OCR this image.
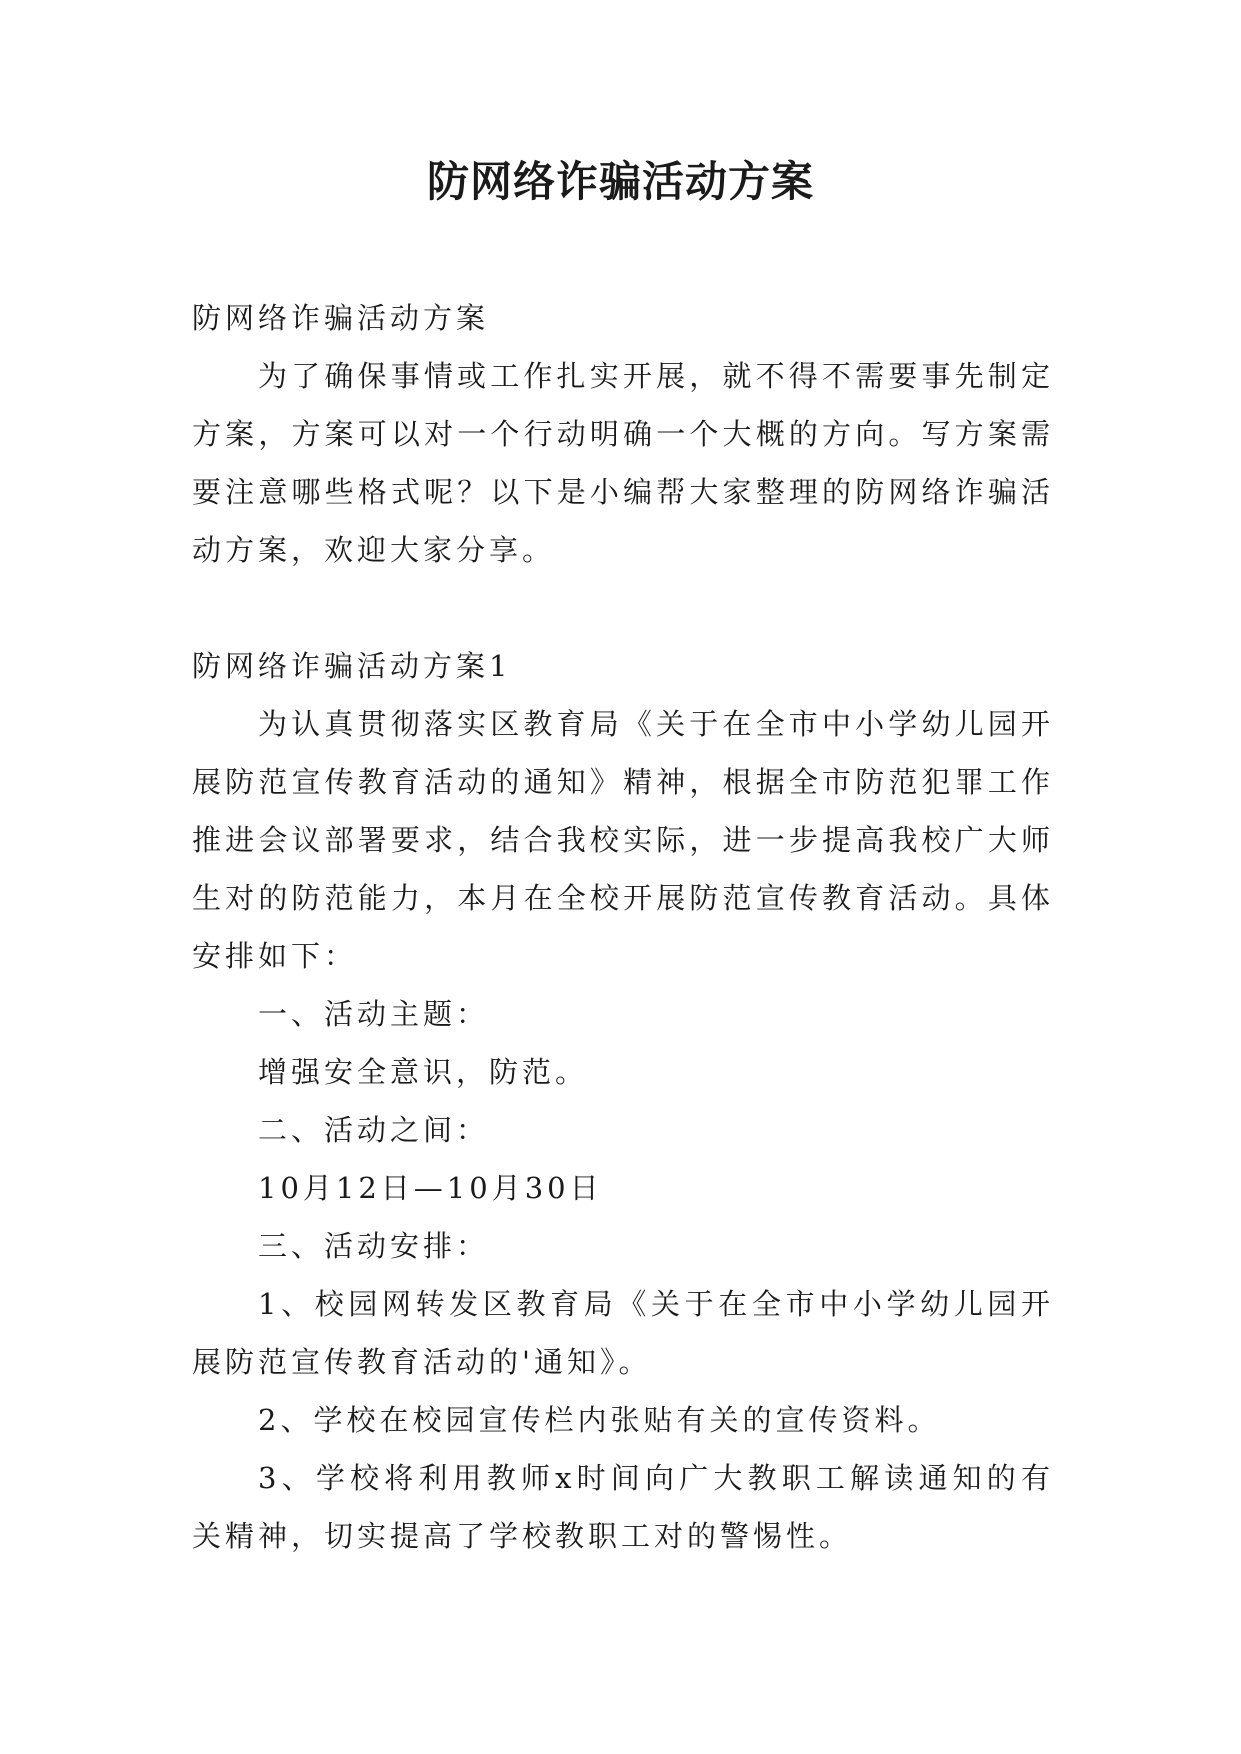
防网络诈骗活动方案

防网络诈骗活动方案

为了确保事情或工作扎实开展，就不得不需要事先制定方案，方案可以对一个行动明确一个大概的方向。写方案需要注意哪些格式呢？以下是小编帮大家整理的防网络诈骗活动方案，欢迎大家分享。

防网络诈骗活动方案1

为认真贯彻落实区教育局《关于在全市中小学幼儿园开展防范宣传教育活动的通知》精神，根据全市防范犯罪工作推进会议部署要求，结合我校实际，进一步提高我校广大师生对的防范能力，本月在全校开展防范宣传教育活动。具体安排如下：

一、活动主题：

增强安全意识，防范。

二、活动之间：

10月12日—10月30日

三、活动安排：

1、校园网转发区教育局《关于在全市中小学幼儿园开展防范宣传教育活动的'通知》。

2、学校在校园宣传栏内张贴有关的宣传资料。

3、学校将利用教师x时间向广大教职工解读通知的有关精神，切实提高了学校教职工对的警惕性。
